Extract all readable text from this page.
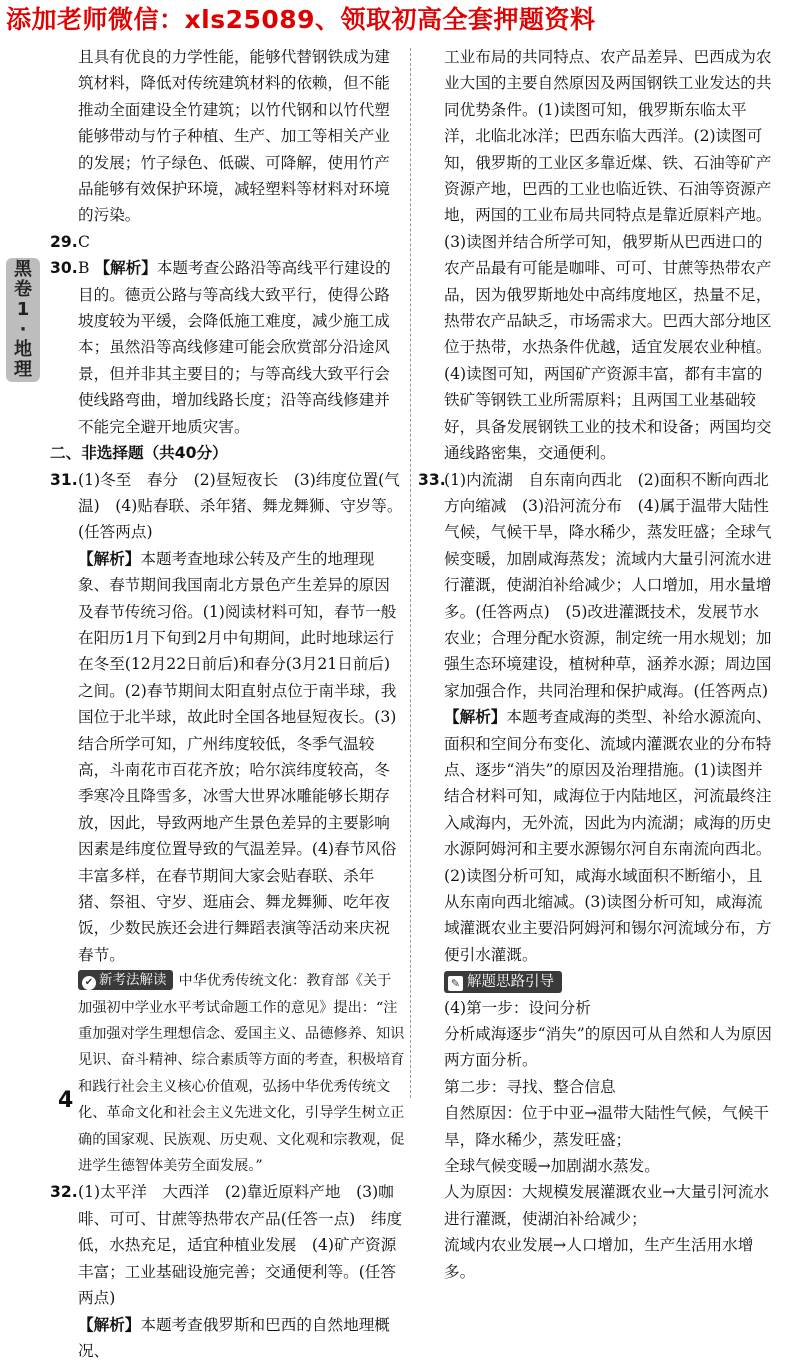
添加老师微信：xls25089、领取初高全套押题资料
黑卷1·地理

且具有优良的力学性能，能够代替钢铁成为建筑材料，降低对传统建筑材料的依赖，但不能推动全面建设全竹建筑；以竹代钢和以竹代塑能够带动与竹子种植、生产、加工等相关产业的发展；竹子绿色、低碳、可降解，使用竹产品能够有效保护环境，减轻塑料等材料对环境的污染。

29.C

30.B 【解析】本题考查公路沿等高线平行建设的目的。德贡公路与等高线大致平行，使得公路坡度较为平缓，会降低施工难度，减少施工成本；虽然沿等高线修建可能会欣赏部分沿途风景，但并非其主要目的；与等高线大致平行会使线路弯曲，增加线路长度；沿等高线修建并不能完全避开地质灾害。

二、非选择题（共40分）

31.(1)冬至　春分　(2)昼短夜长　(3)纬度位置(气温)　(4)贴春联、杀年猪、舞龙舞狮、守岁等。(任答两点)

【解析】本题考查地球公转及产生的地理现象、春节期间我国南北方景色产生差异的原因及春节传统习俗。(1)阅读材料可知，春节一般在阳历1月下旬到2月中旬期间，此时地球运行在冬至(12月22日前后)和春分(3月21日前后)之间。(2)春节期间太阳直射点位于南半球，我国位于北半球，故此时全国各地昼短夜长。(3)结合所学可知，广州纬度较低，冬季气温较高，斗南花市百花齐放；哈尔滨纬度较高，冬季寒冷且降雪多，冰雪大世界冰雕能够长期存放，因此，导致两地产生景色差异的主要影响因素是纬度位置导致的气温差异。(4)春节风俗丰富多样，在春节期间大家会贴春联、杀年猪、祭祖、守岁、逛庙会、舞龙舞狮、吃年夜饭，少数民族还会进行舞蹈表演等活动来庆祝春节。

✔ 新考法解读 中华优秀传统文化：教育部《关于加强初中学业水平考试命题工作的意见》提出：“注重加强对学生理想信念、爱国主义、品德修养、知识见识、奋斗精神、综合素质等方面的考查，积极培育和践行社会主义核心价值观，弘扬中华优秀传统文化、革命文化和社会主义先进文化，引导学生树立正确的国家观、民族观、历史观、文化观和宗教观，促进学生德智体美劳全面发展。”

32.(1)太平洋　大西洋　(2)靠近原料产地　(3)咖啡、可可、甘蔗等热带农产品(任答一点)　纬度低，水热充足，适宜种植业发展　(4)矿产资源丰富；工业基础设施完善；交通便利等。(任答两点)

【解析】本题考查俄罗斯和巴西的自然地理概况、

工业布局的共同特点、农产品差异、巴西成为农业大国的主要自然原因及两国钢铁工业发达的共同优势条件。(1)读图可知，俄罗斯东临太平洋，北临北冰洋；巴西东临大西洋。(2)读图可知，俄罗斯的工业区多靠近煤、铁、石油等矿产资源产地，巴西的工业也临近铁、石油等资源产地，两国的工业布局共同特点是靠近原料产地。(3)读图并结合所学可知，俄罗斯从巴西进口的农产品最有可能是咖啡、可可、甘蔗等热带农产品，因为俄罗斯地处中高纬度地区，热量不足，热带农产品缺乏，市场需求大。巴西大部分地区位于热带，水热条件优越，适宜发展农业种植。(4)读图可知，两国矿产资源丰富，都有丰富的铁矿等钢铁工业所需原料；且两国工业基础较好，具备发展钢铁工业的技术和设备；两国均交通线路密集，交通便利。

33.(1)内流湖　自东南向西北　(2)面积不断向西北方向缩减　(3)沿河流分布　(4)属于温带大陆性气候，气候干旱，降水稀少，蒸发旺盛；全球气候变暖，加剧咸海蒸发；流域内大量引河流水进行灌溉，使湖泊补给减少；人口增加，用水量增多。(任答两点)　(5)改进灌溉技术，发展节水农业；合理分配水资源，制定统一用水规划；加强生态环境建设，植树种草，涵养水源；周边国家加强合作，共同治理和保护咸海。(任答两点)

【解析】本题考查咸海的类型、补给水源流向、面积和空间分布变化、流域内灌溉农业的分布特点、逐步“消失”的原因及治理措施。(1)读图并结合材料可知，咸海位于内陆地区，河流最终注入咸海内，无外流，因此为内流湖；咸海的历史水源阿姆河和主要水源锡尔河自东南流向西北。(2)读图分析可知，咸海水域面积不断缩小，且从东南向西北缩减。(3)读图分析可知，咸海流域灌溉农业主要沿阿姆河和锡尔河流域分布，方便引水灌溉。

✎ 解题思路引导

(4)第一步：设问分析

分析咸海逐步“消失”的原因可从自然和人为原因两方面分析。

第二步：寻找、整合信息

自然原因：位于中亚→温带大陆性气候，气候干旱，降水稀少，蒸发旺盛；

全球气候变暖→加剧湖水蒸发。

人为原因：大规模发展灌溉农业→大量引河流水进行灌溉，使湖泊补给减少；

流域内农业发展→人口增加，生产生活用水增多。

4
